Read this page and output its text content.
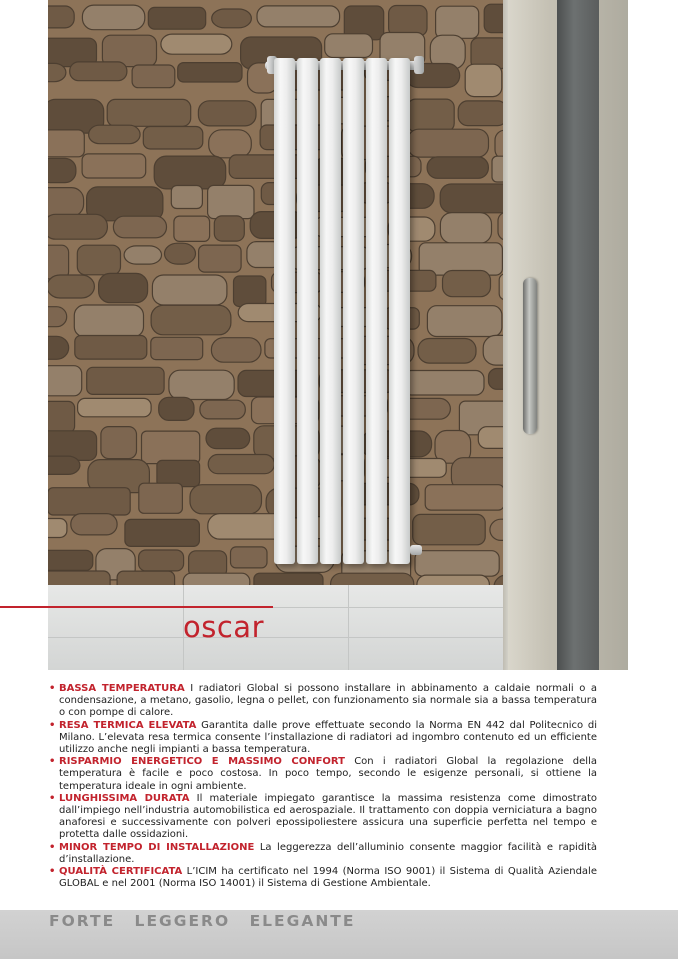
oscar
• BASSA TEMPERATURA I radiatori Global si possono installare in abbinamento a caldaie normali o a condensazione, a metano, gasolio, legna o pellet, con funzionamento sia normale sia a bassa temperatura o con pompe di calore.
• RESA TERMICA ELEVATA Garantita dalle prove effettuate secondo la Norma EN 442 dal Politecnico di Milano. L’elevata resa termica consente l’installazione di radiatori ad ingombro contenuto ed un efficiente utilizzo anche negli impianti a bassa temperatura.
• RISPARMIO ENERGETICO E MASSIMO CONFORT Con i radiatori Global la regolazione della temperatura è facile e poco costosa. In poco tempo, secondo le esigenze personali, si ottiene la temperatura ideale in ogni ambiente.
• LUNGHISSIMA DURATA Il materiale impiegato garantisce la massima resistenza come dimostrato dall’impiego nell’industria automobilistica ed aerospaziale. Il trattamento con doppia verniciatura a bagno anaforesi e successivamente con polveri epossipoliestere assicura una superficie perfetta nel tempo e protetta dalle ossidazioni.
• MINOR TEMPO DI INSTALLAZIONE La leggerezza dell’alluminio consente maggior facilità e rapidità d’installazione.
• QUALITÀ CERTIFICATA L’ICIM ha certificato nel 1994 (Norma ISO 9001) il Sistema di Qualità Aziendale GLOBAL e nel 2001 (Norma ISO 14001) il Sistema di Gestione Ambientale.
FORTE LEGGERO ELEGANTE
